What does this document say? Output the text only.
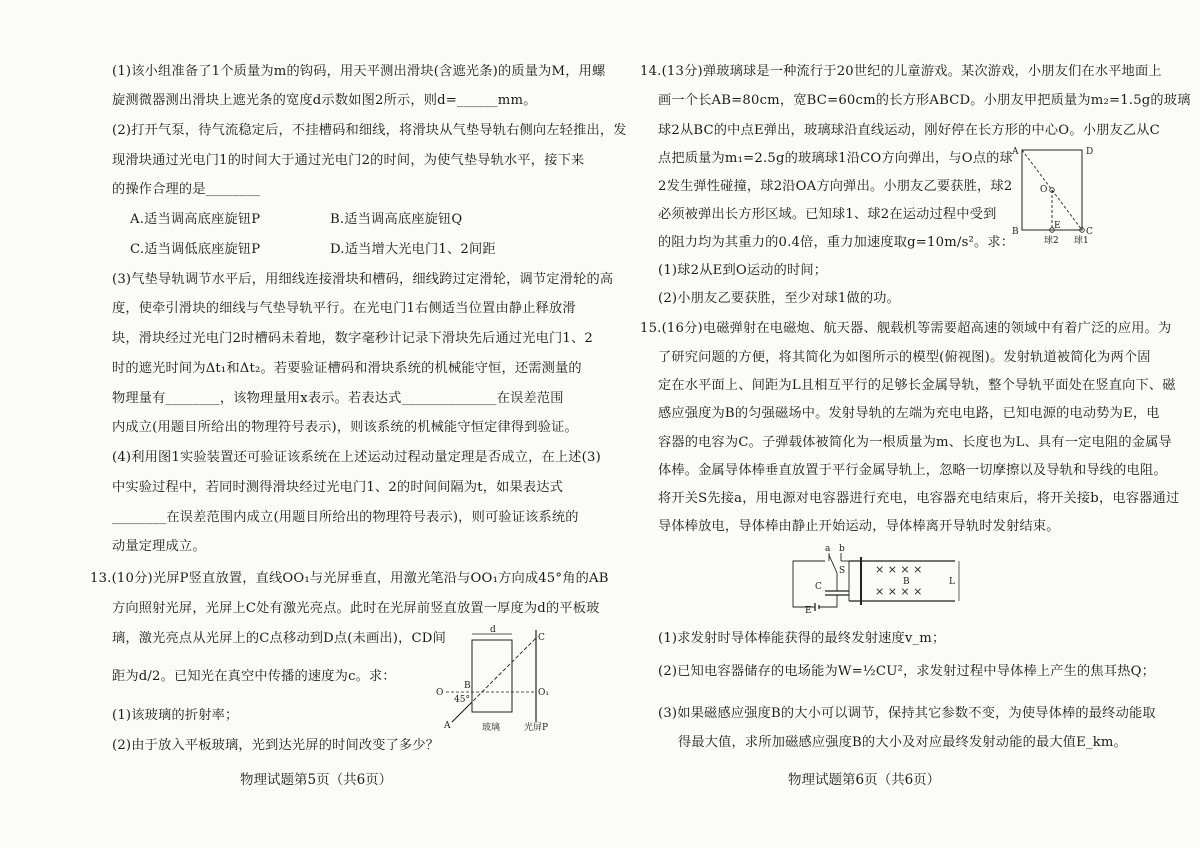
(1)该小组准备了1个质量为m的钩码，用天平测出滑块(含遮光条)的质量为M，用螺
旋测微器测出滑块上遮光条的宽度d示数如图2所示，则d=______mm。
(2)打开气泵，待气流稳定后，不挂槽码和细线，将滑块从气垫导轨右侧向左轻推出，发
现滑块通过光电门1的时间大于通过光电门2的时间，为使气垫导轨水平，接下来
的操作合理的是________
A.适当调高底座旋钮P	B.适当调高底座旋钮Q
C.适当调低底座旋钮P	D.适当增大光电门1、2间距
(3)气垫导轨调节水平后，用细线连接滑块和槽码，细线跨过定滑轮，调节定滑轮的高
度，使牵引滑块的细线与气垫导轨平行。在光电门1右侧适当位置由静止释放滑
块，滑块经过光电门2时槽码未着地，数字毫秒计记录下滑块先后通过光电门1、2
时的遮光时间为Δt₁和Δt₂。若要验证槽码和滑块系统的机械能守恒，还需测量的
物理量有________，该物理量用x表示。若表达式______________在误差范围
内成立(用题目所给出的物理符号表示)，则该系统的机械能守恒定律得到验证。
(4)利用图1实验装置还可验证该系统在上述运动过程动量定理是否成立，在上述(3)
中实验过程中，若同时测得滑块经过光电门1、2的时间间隔为t，如果表达式
________在误差范围内成立(用题目所给出的物理符号表示)，则可验证该系统的
动量定理成立。
13.(10分)光屏P竖直放置，直线OO₁与光屏垂直，用激光笔沿与OO₁方向成45°角的AB
方向照射光屏，光屏上C处有激光亮点。此时在光屏前竖直放置一厚度为d的平板玻
璃，激光亮点从光屏上的C点移动到D点(未画出)，CD间
距为d/2。已知光在真空中传播的速度为c。求：
(1)该玻璃的折射率；
(2)由于放入平板玻璃，光到达光屏的时间改变了多少？
d
C
O	O₁
B
A
45°
玻璃	光屏P
物理试题第5页（共6页）
14.(13分)弹玻璃球是一种流行于20世纪的儿童游戏。某次游戏，小朋友们在水平地面上
画一个长AB=80cm，宽BC=60cm的长方形ABCD。小朋友甲把质量为m₂=1.5g的玻璃
球2从BC的中点E弹出，玻璃球沿直线运动，刚好停在长方形的中心O。小朋友乙从C
点把质量为m₁=2.5g的玻璃球1沿CO方向弹出，与O点的球
2发生弹性碰撞，球2沿OA方向弹出。小朋友乙要获胜，球2
必须被弹出长方形区域。已知球1、球2在运动过程中受到
的阻力均为其重力的0.4倍，重力加速度取g=10m/s²。求：
(1)球2从E到O运动的时间；
(2)小朋友乙要获胜，至少对球1做的功。
15.(16分)电磁弹射在电磁炮、航天器、舰载机等需要超高速的领域中有着广泛的应用。为
了研究问题的方便，将其简化为如图所示的模型(俯视图)。发射轨道被简化为两个固
定在水平面上、间距为L且相互平行的足够长金属导轨，整个导轨平面处在竖直向下、磁
感应强度为B的匀强磁场中。发射导轨的左端为充电电路，已知电源的电动势为E，电
容器的电容为C。子弹载体被简化为一根质量为m、长度也为L、具有一定电阻的金属导
体棒。金属导体棒垂直放置于平行金属导轨上，忽略一切摩擦以及导轨和导线的电阻。
将开关S先接a，用电源对电容器进行充电，电容器充电结束后，将开关接b，电容器通过
导体棒放电，导体棒由静止开始运动，导体棒离开导轨时发射结束。
(1)求发射时导体棒能获得的最终发射速度v_m；
(2)已知电容器储存的电场能为W=½CU²，求发射过程中导体棒上产生的焦耳热Q；
(3)如果磁感应强度B的大小可以调节，保持其它参数不变，为使导体棒的最终动能取
得最大值，求所加磁感应强度B的大小及对应最终发射动能的最大值E_km。
A	D
O
B
E
C
球2 球1
× × × ×
× × × ×
a b
S
C
E
B	L
物理试题第6页（共6页）
